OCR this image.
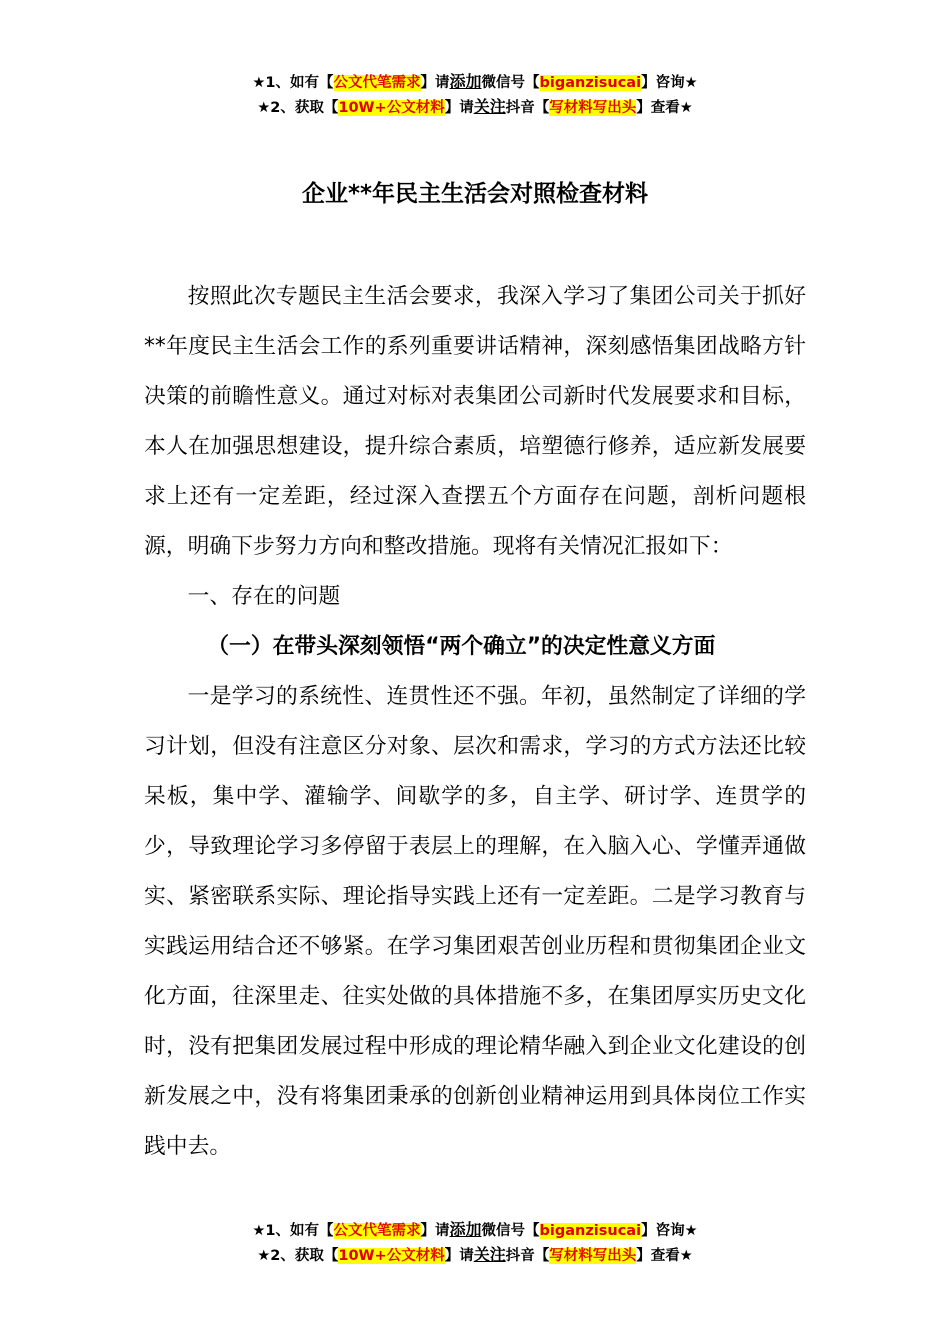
★1、如有【公文代笔需求】请添加微信号【biganzisucai】咨询★
★2、获取【10W+公文材料】请关注抖音【写材料写出头】查看★
企业**年民主生活会对照检查材料

按照此次专题民主生活会要求，我深入学习了集团公司关于抓好**年度民主生活会工作的系列重要讲话精神，深刻感悟集团战略方针决策的前瞻性意义。通过对标对表集团公司新时代发展要求和目标，本人在加强思想建设，提升综合素质，培塑德行修养，适应新发展要求上还有一定差距，经过深入查摆五个方面存在问题，剖析问题根源，明确下步努力方向和整改措施。现将有关情况汇报如下：

一、存在的问题

（一）在带头深刻领悟“两个确立”的决定性意义方面

一是学习的系统性、连贯性还不强。年初，虽然制定了详细的学习计划，但没有注意区分对象、层次和需求，学习的方式方法还比较呆板，集中学、灌输学、间歇学的多，自主学、研讨学、连贯学的少，导致理论学习多停留于表层上的理解，在入脑入心、学懂弄通做实、紧密联系实际、理论指导实践上还有一定差距。二是学习教育与实践运用结合还不够紧。在学习集团艰苦创业历程和贯彻集团企业文化方面，往深里走、往实处做的具体措施不多，在集团厚实历史文化时，没有把集团发展过程中形成的理论精华融入到企业文化建设的创新发展之中，没有将集团秉承的创新创业精神运用到具体岗位工作实践中去。

★1、如有【公文代笔需求】请添加微信号【biganzisucai】咨询★
★2、获取【10W+公文材料】请关注抖音【写材料写出头】查看★
